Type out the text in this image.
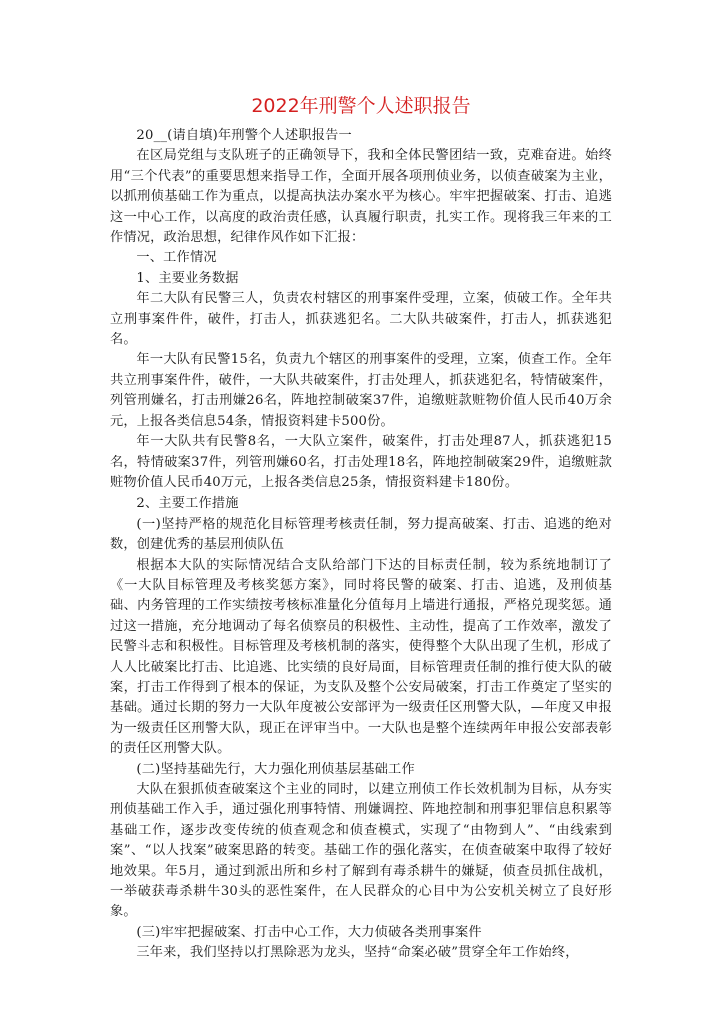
2022年刑警个人述职报告

20__(请自填)年刑警个人述职报告一

在区局党组与支队班子的正确领导下，我和全体民警团结一致，克难奋进。始终用“三个代表”的重要思想来指导工作，全面开展各项刑侦业务，以侦查破案为主业，以抓刑侦基础工作为重点，以提高执法办案水平为核心。牢牢把握破案、打击、追逃这一中心工作，以高度的政治责任感，认真履行职责，扎实工作。现将我三年来的工作情况，政治思想，纪律作风作如下汇报：

一、工作情况

1、主要业务数据

年二大队有民警三人，负责农村辖区的刑事案件受理，立案，侦破工作。全年共立刑事案件件，破件，打击人，抓获逃犯名。二大队共破案件，打击人，抓获逃犯名。

年一大队有民警15名，负责九个辖区的刑事案件的受理，立案，侦查工作。全年共立刑事案件件，破件，一大队共破案件，打击处理人，抓获逃犯名，特情破案件，列管刑嫌名，打击刑嫌26名，阵地控制破案37件，追缴赃款赃物价值人民币40万余元，上报各类信息54条，情报资料建卡500份。

年一大队共有民警8名，一大队立案件，破案件，打击处理87人，抓获逃犯15名，特情破案37件，列管刑嫌60名，打击处理18名，阵地控制破案29件，追缴赃款赃物价值人民币40万元，上报各类信息25条，情报资料建卡180份。

2、主要工作措施

(一)坚持严格的规范化目标管理考核责任制，努力提高破案、打击、追逃的绝对数，创建优秀的基层刑侦队伍

根据本大队的实际情况结合支队给部门下达的目标责任制，较为系统地制订了《一大队目标管理及考核奖惩方案》，同时将民警的破案、打击、追逃，及刑侦基础、内务管理的工作实绩按考核标准量化分值每月上墙进行通报，严格兑现奖惩。通过这一措施，充分地调动了每名侦察员的积极性、主动性，提高了工作效率，激发了民警斗志和积极性。目标管理及考核机制的落实，使得整个大队出现了生机，形成了人人比破案比打击、比追逃、比实绩的良好局面，目标管理责任制的推行使大队的破案，打击工作得到了根本的保证，为支队及整个公安局破案，打击工作奠定了坚实的基础。通过长期的努力一大队年度被公安部评为一级责任区刑警大队，—年度又申报为一级责任区刑警大队，现正在评审当中。一大队也是整个连续两年申报公安部表彰的责任区刑警大队。

(二)坚持基础先行，大力强化刑侦基层基础工作

大队在狠抓侦查破案这个主业的同时，以建立刑侦工作长效机制为目标，从夯实刑侦基础工作入手，通过强化刑事特情、刑嫌调控、阵地控制和刑事犯罪信息积累等基础工作，逐步改变传统的侦查观念和侦查模式，实现了“由物到人”、“由线索到案”、“以人找案”破案思路的转变。基础工作的强化落实，在侦查破案中取得了较好地效果。年5月，通过到派出所和乡村了解到有毒杀耕牛的嫌疑，侦查员抓住战机，一举破获毒杀耕牛30头的恶性案件，在人民群众的心目中为公安机关树立了良好形象。

(三)牢牢把握破案、打击中心工作，大力侦破各类刑事案件

三年来，我们坚持以打黑除恶为龙头，坚持“命案必破”贯穿全年工作始终，
